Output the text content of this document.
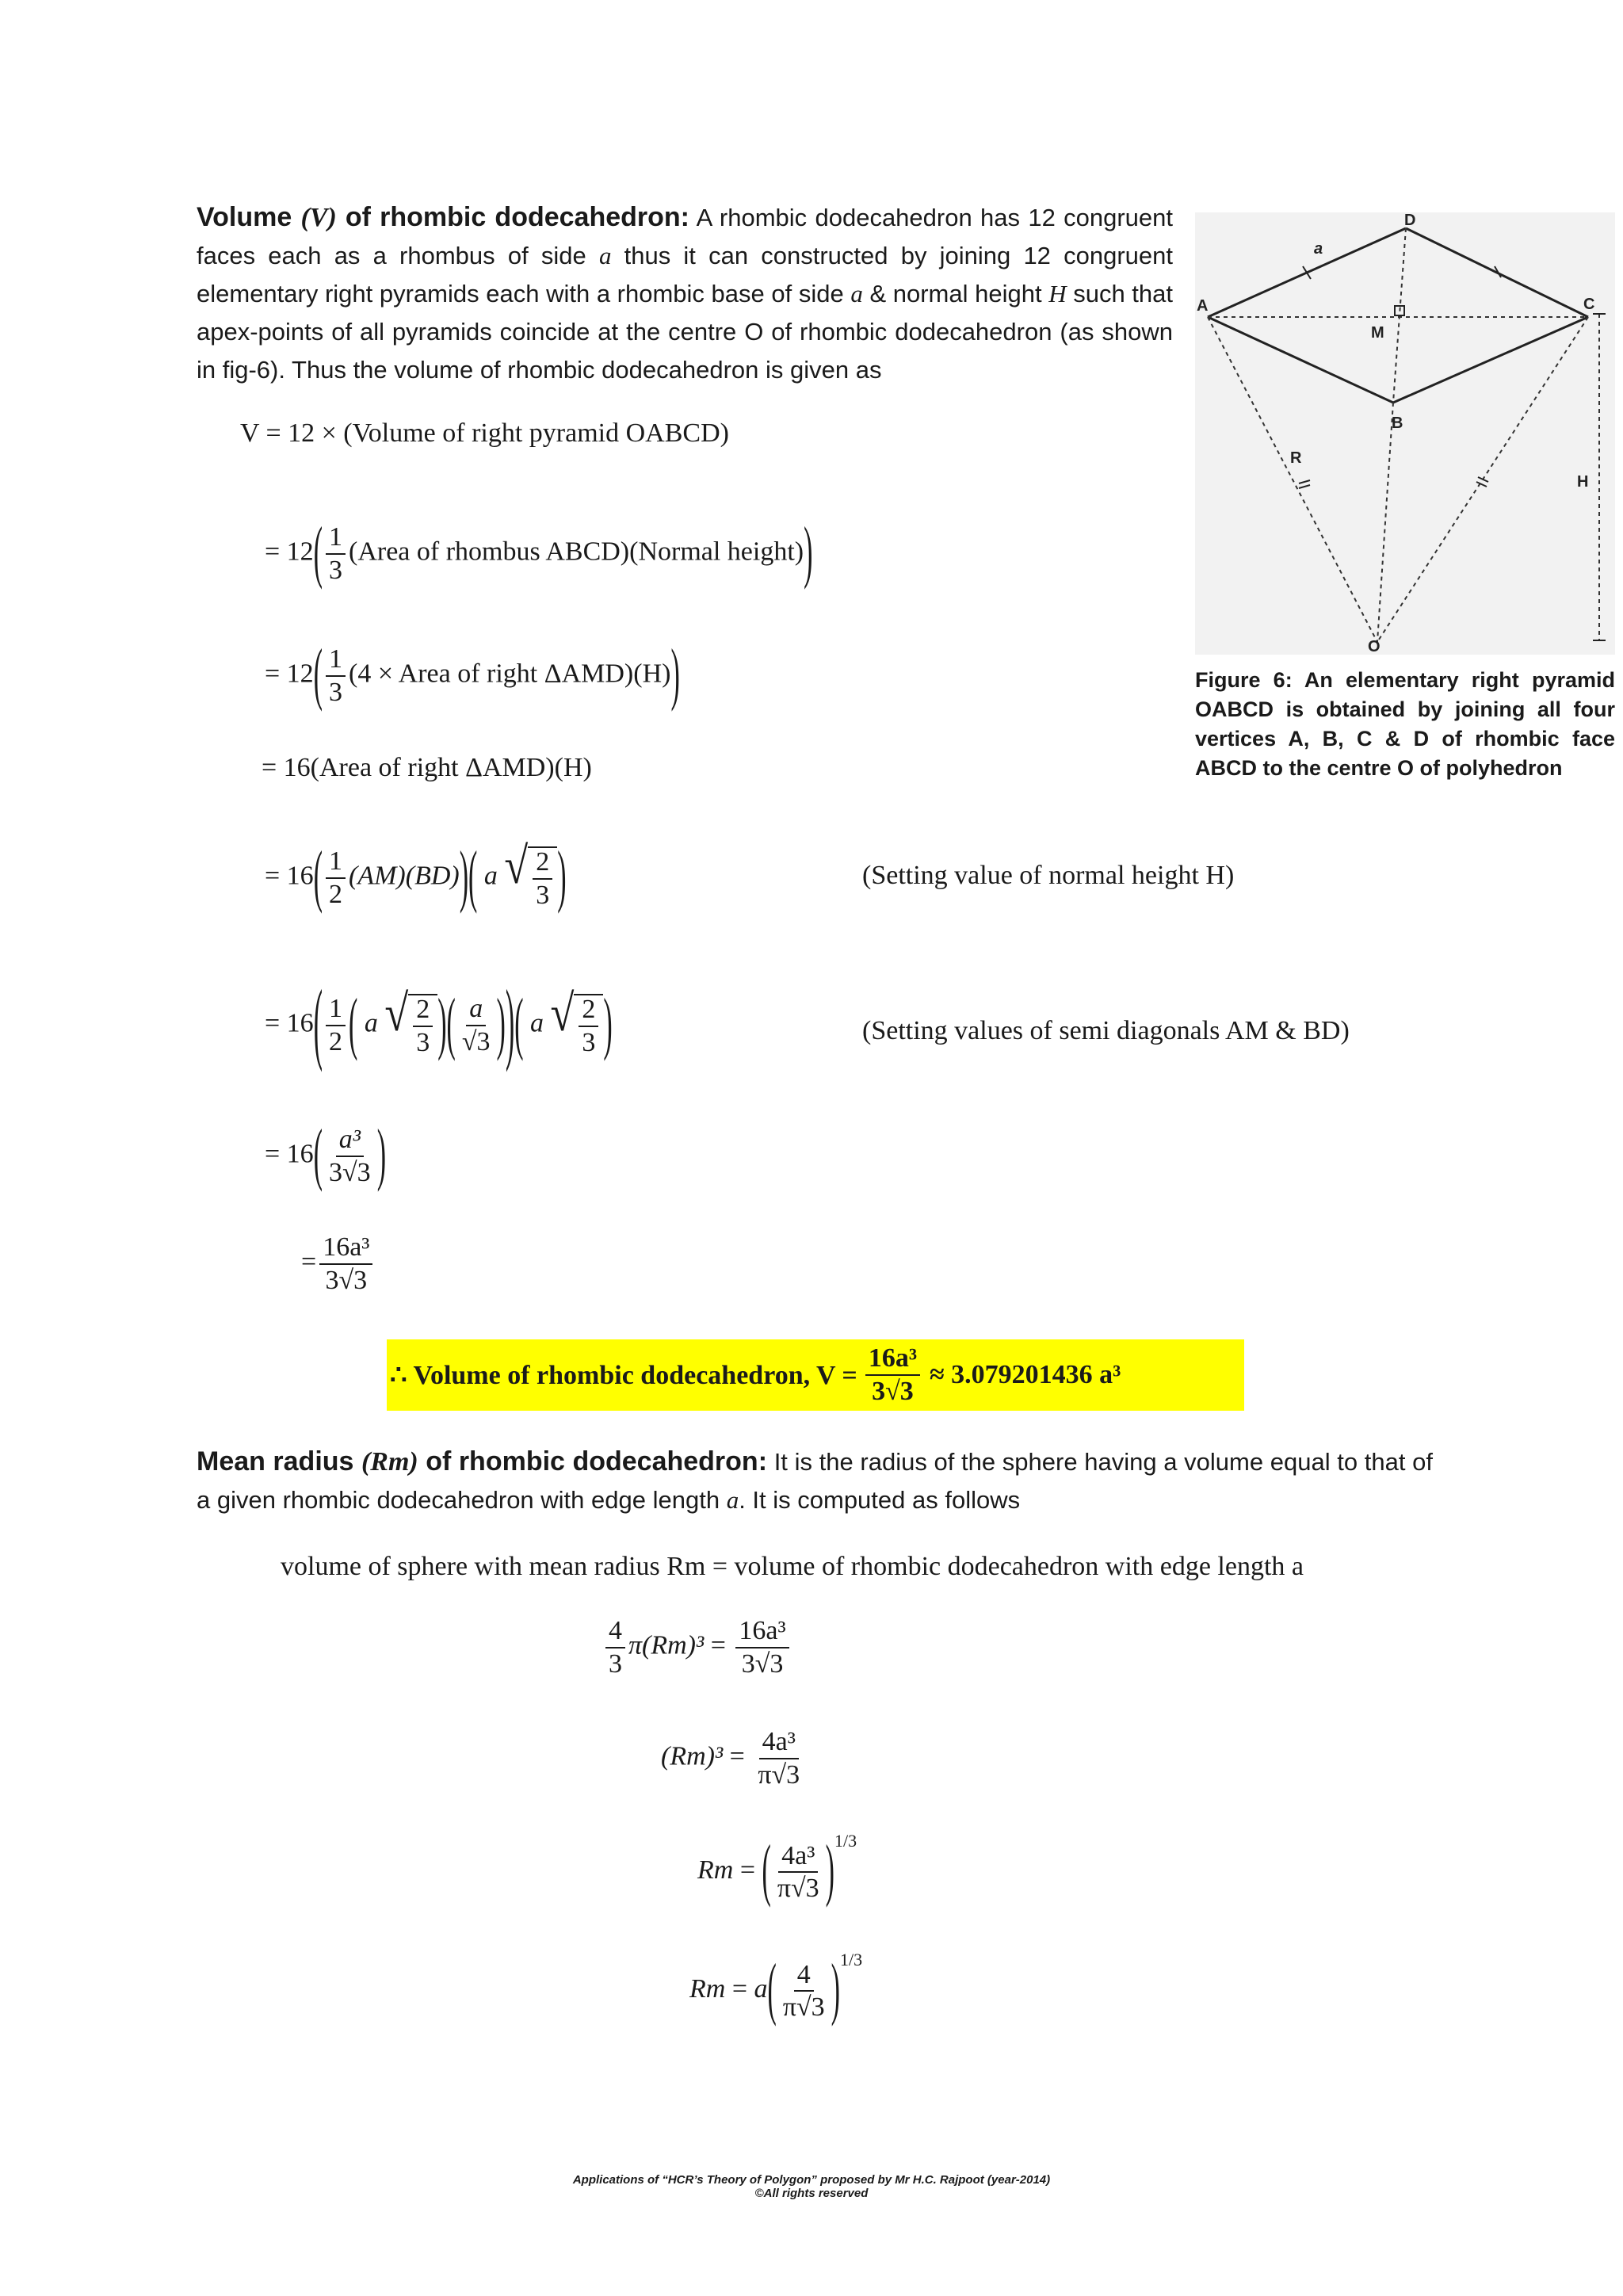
Volume (V) of rhombic dodecahedron: A rhombic dodecahedron has 12 congruent faces each as a rhombus of side a thus it can constructed by joining 12 congruent elementary right pyramids each with a rhombic base of side a & normal height H such that apex-points of all pyramids coincide at the centre O of rhombic dodecahedron (as shown in fig-6). Thus the volume of rhombic dodecahedron is given as
A
D
C
B
M
O
R
H
a
Figure 6: An elementary right pyramid OABCD is obtained by joining all four vertices A, B, C & D of rhombic face ABCD to the centre O of polyhedron
V = 12 × (Volume of right pyramid OABCD)
= $12( \frac{1}{3}$ (Area of rhombus ABCD)(Normal height))
= $12( \frac{1}{3} (4$ × Area of right ΔAMD)(H))
= 16(Area of right ΔAMD)(H)
= $16( \frac{1}{2} (AM)(BD))$( a √ $\frac{2}{3}$ )	(Setting value of normal height H)
= $16( \frac{1}{2}$ ( a √ $\frac{2}{3}$ )( $\frac{a}{√3}$ ))( a √ $\frac{2}{3}$ )	(Setting values of semi diagonals AM & BD)
= $16( \frac{\text{a³}}{3√3}$ )
= $\frac{\text{16a³}}{3√3}$
∴ Volume of rhombic dodecahedron, $V = \frac{\text{16a³}}{3√3} \approx 3.079201436$ a³
Mean radius (Rm) of rhombic dodecahedron: It is the radius of the sphere having a volume equal to that of a given rhombic dodecahedron with edge length a. It is computed as follows
volume of sphere with mean radius Rm = volume of rhombic dodecahedron with edge length a
$\frac{4}{3} \pi(Rm)^3 = \frac{\text{16a³}}{3√3}$
$(Rm)^3 = \frac{\text{4a³}}{\pi√3}$
Rm = ( $\frac{\text{4a³}}{\pi√3} )^{1/3}$
$Rm = a( \frac{4}{\pi√3} )^{1/3}$
Applications of “HCR’s Theory of Polygon” proposed by Mr H.C. Rajpoot (year-2014)
©All rights reserved
